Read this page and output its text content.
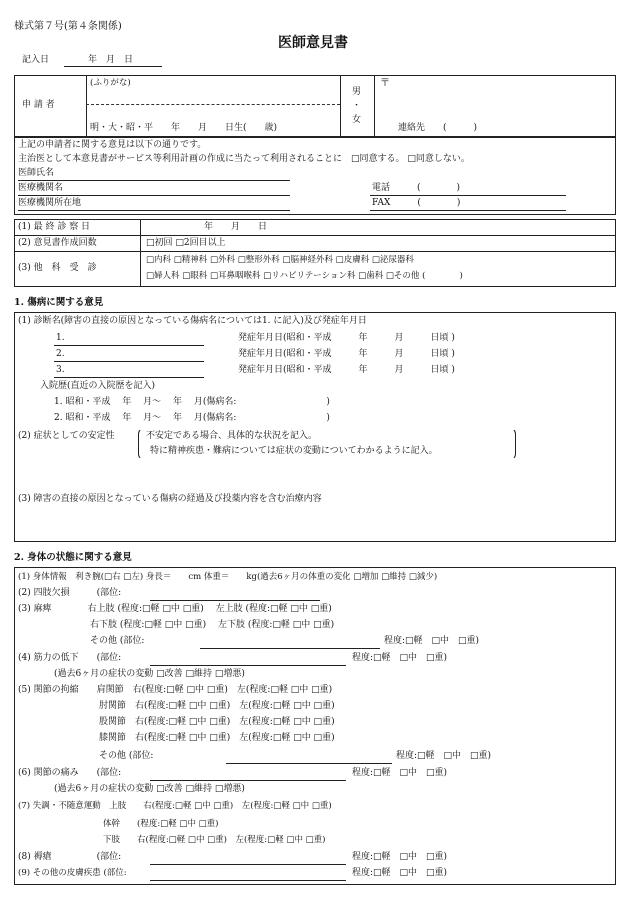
様式第７号(第４条関係)
医師意見書
記入日	年　月　日
申 請 者
(ふりがな)
明・大・昭・平　　年　　月　　日生(　　歳)
男
・
女
〒
連絡先　　(　　　)
上記の申請者に関する意見は以下の通りです。
主治医として本意見書がサービス等利用計画の作成に当たって利用されることに　□同意する。 □同意しない。
医師氏名
医療機関名
医療機関所在地
電話　　　(　　　　)
FAX　　　(　　　　)
(1) 最 終 診 察 日	年　　月　　日
(2) 意見書作成回数	□初回 □2回目以上
(3) 他　科　受　診
□内科 □精神科 □外科 □整形外科 □脳神経外科 □皮膚科 □泌尿器科
□婦人科 □眼科 □耳鼻咽喉科 □リハビリテーション科 □歯科 □その他 (　　　　)
1. 傷病に関する意見
(1) 診断名(障害の直接の原因となっている傷病名については1. に記入)及び発症年月日
1.	発症年月日(昭和・平成　　　年　　　月　　　日頃 )
2.	発症年月日(昭和・平成　　　年　　　月　　　日頃 )
3.	発症年月日(昭和・平成　　　年　　　月　　　日頃 )
入院歴(直近の入院歴を記入)
1. 昭和・平成　 年　 月～　 年　 月(傷病名:　　　　　　　　　　)
2. 昭和・平成　 年　 月～　 年　 月(傷病名:　　　　　　　　　　)
(2) 症状としての安定性	不安定である場合、具体的な状況を記入。
特に精神疾患・難病については症状の変動についてわかるように記入。
(3) 障害の直接の原因となっている傷病の経過及び投薬内容を含む治療内容
2. 身体の状態に関する意見
(1) 身体情報　利き腕(□右 □左) 身長＝　　cm 体重＝　　kg(過去6ヶ月の体重の変化 □増加 □維持 □減少)
(2) 四肢欠損　　　(部位:
(3) 麻痺　　　　右上肢 (程度:□軽 □中 □重)　 左上肢 (程度:□軽 □中 □重)
　　　　　　　　右下肢 (程度:□軽 □中 □重)　 左下肢 (程度:□軽 □中 □重)
　　　　　　　　その他 (部位:	程度:□軽　□中　□重)
(4) 筋力の低下　　(部位:	程度:□軽　□中　□重)
　　　　(過去6ヶ月の症状の変動 □改善 □維持 □増悪)
(5) 関節の拘縮　　肩関節　右(程度:□軽 □中 □重)　左(程度:□軽 □中 □重)
　　　　　　　　　肘関節　右(程度:□軽 □中 □重)　左(程度:□軽 □中 □重)
　　　　　　　　　股関節　右(程度:□軽 □中 □重)　左(程度:□軽 □中 □重)
　　　　　　　　　膝関節　右(程度:□軽 □中 □重)　左(程度:□軽 □中 □重)
　　　　　　　　　その他 (部位:	程度:□軽　□中　□重)
(6) 関節の痛み　　(部位:	程度:□軽　□中　□重)
　　　　(過去6ヶ月の症状の変動 □改善 □維持 □増悪)
(7) 失調・不随意運動　上肢　　右(程度:□軽 □中 □重)　左(程度:□軽 □中 □重)
　　　　　　　　　　体幹　　(程度:□軽 □中 □重)
　　　　　　　　　　下肢　　右(程度:□軽 □中 □重)　左(程度:□軽 □中 □重)
(8) 褥瘡　　　　　(部位:	程度:□軽　□中　□重)
(9) その他の皮膚疾患 (部位:	程度:□軽　□中　□重)
